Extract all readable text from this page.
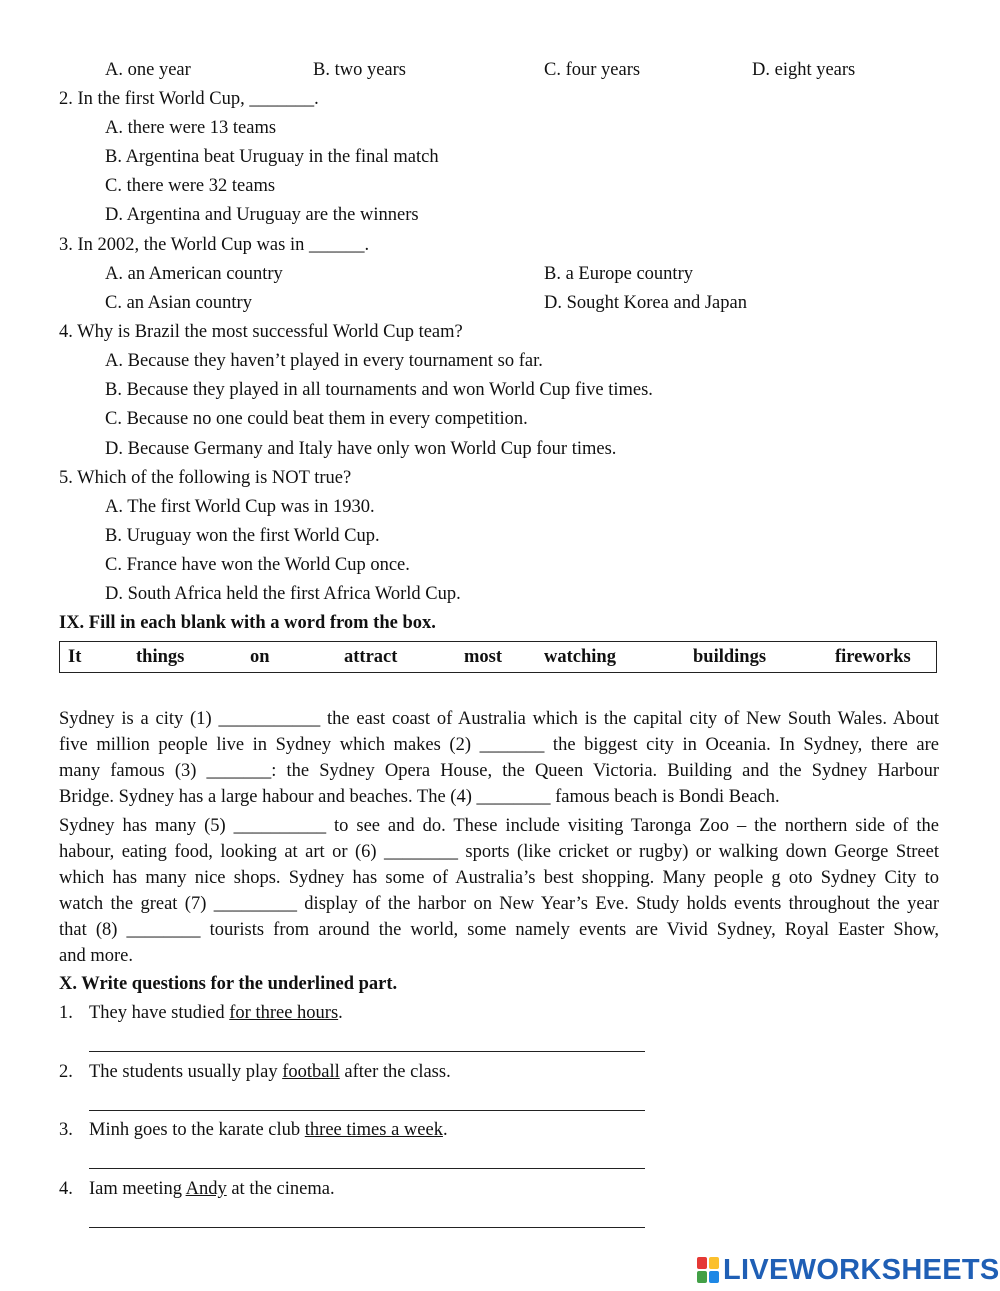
A. one year	B. two years	C. four years	D. eight years
2. In the first World Cup, _______.
A. there were 13 teams
B. Argentina beat Uruguay in the final match
C. there were 32 teams
D. Argentina and Uruguay are the winners
3. In 2002, the World Cup was in ______.
A. an American country	B. a Europe country
C. an Asian country	D. Sought Korea and Japan
4. Why is Brazil the most successful World Cup team?
A. Because they haven’t played in every tournament so far.
B. Because they played in all tournaments and won World Cup five times.
C. Because no one could beat them in every competition.
D. Because Germany and Italy have only won World Cup four times.
5. Which of the following is NOT true?
A. The first World Cup was in 1930.
B. Uruguay won the first World Cup.
C. France have won the World Cup once.
D. South Africa held the first Africa World Cup.
IX. Fill in each blank with a word from the box.
It	things	on	attract	most watching	buildings	fireworks
Sydney is a city (1) ___________ the east coast of Australia which is the capital city of New South Wales. About
five million people live in Sydney which makes (2) _______ the biggest city in Oceania. In Sydney, there are
many famous (3) _______: the Sydney Opera House, the Queen Victoria. Building and the Sydney Harbour
Bridge. Sydney has a large habour and beaches. The (4) ________ famous beach is Bondi Beach.
Sydney has many (5) __________ to see and do. These include visiting Taronga Zoo – the northern side of the
habour, eating food, looking at art or (6) ________ sports (like cricket or rugby) or walking down George Street
which has many nice shops. Sydney has some of Australia’s best shopping. Many people g oto Sydney City to
watch the great (7) _________ display of the harbor on New Year’s Eve. Study holds events throughout the year
that (8) ________ tourists from around the world, some namely events are Vivid Sydney, Royal Easter Show,
and more.
X. Write questions for the underlined part.
1. They have studied for three hours.
2. The students usually play football after the class.
3. Minh goes to the karate club three times a week.
4. Iam meeting Andy at the cinema.
LIVEWORKSHEETS
